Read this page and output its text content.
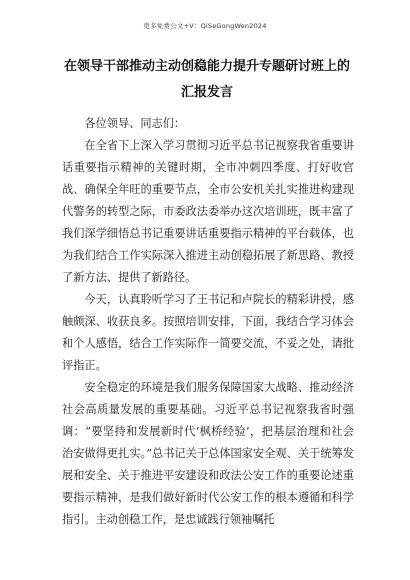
更多免费公文+V：QiSeGongWen2024
在领导干部推动主动创稳能力提升专题研讨班上的汇报发言

各位领导、同志们：

在全省下上深入学习贯彻习近平总书记视察我省重要讲话重要指示精神的关键时期，全市冲刺四季度、打好收官战、确保全年旺的重要节点，全市公安机关扎实推进构建现代警务的转型之际，市委政法委举办这次培训班，既丰富了我们深学细悟总书记重要讲话重要指示精神的平台载体，也为我们结合工作实际深入推进主动创稳拓展了新思路、教授了新方法、提供了新路径。

今天，认真聆听学习了王书记和卢院长的精彩讲授，感触颇深、收获良多。按照培训安排，下面，我结合学习体会和个人感悟，结合工作实际作一简要交流，不妥之处，请批评指正。

安全稳定的环境是我们服务保障国家大战略、推动经济社会高质量发展的重要基础。习近平总书记视察我省时强调：“要坚持和发展新时代‘枫桥经验’，把基层治理和社会治安做得更扎实。”总书记关于总体国家安全观、关于统筹发展和安全、关于推进平安建设和政法公安工作的重要论述重要指示精神，是我们做好新时代公安工作的根本遵循和科学指引。主动创稳工作，是忠诚践行领袖嘱托
